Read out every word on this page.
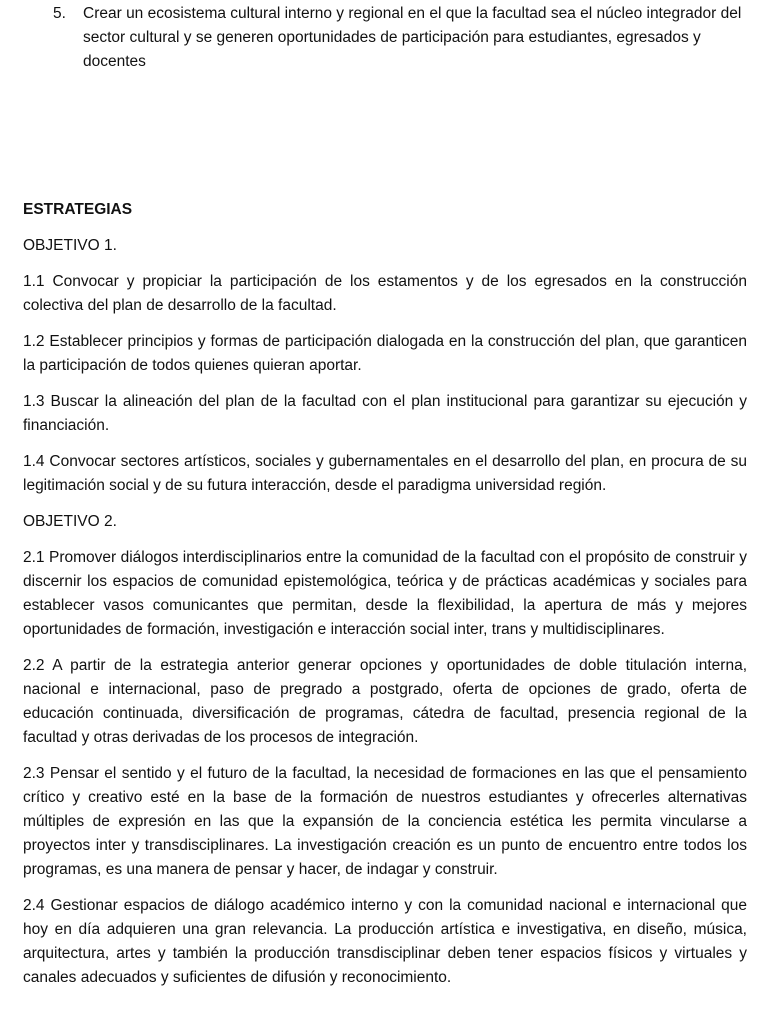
5. Crear un ecosistema cultural interno y regional en el que la facultad sea el núcleo integrador del sector cultural y se generen oportunidades de participación para estudiantes, egresados y docentes

ESTRATEGIAS

OBJETIVO 1.

1.1 Convocar y propiciar la participación de los estamentos y de los egresados en la construcción colectiva del plan de desarrollo de la facultad.

1.2 Establecer principios y formas de participación dialogada en la construcción del plan, que garanticen la participación de todos quienes quieran aportar.

1.3 Buscar la alineación del plan de la facultad con el plan institucional para garantizar su ejecución y financiación.

1.4 Convocar sectores artísticos, sociales y gubernamentales en el desarrollo del plan, en procura de su legitimación social y de su futura interacción, desde el paradigma universidad región.

OBJETIVO 2.

2.1 Promover diálogos interdisciplinarios entre la comunidad de la facultad con el propósito de construir y discernir los espacios de comunidad epistemológica, teórica y de prácticas académicas y sociales para establecer vasos comunicantes que permitan, desde la flexibilidad, la apertura de más y mejores oportunidades de formación, investigación e interacción social inter, trans y multidisciplinares.

2.2 A partir de la estrategia anterior generar opciones y oportunidades de doble titulación interna, nacional e internacional, paso de pregrado a postgrado, oferta de opciones de grado, oferta de educación continuada, diversificación de programas, cátedra de facultad, presencia regional de la facultad y otras derivadas de los procesos de integración.

2.3 Pensar el sentido y el futuro de la facultad, la necesidad de formaciones en las que el pensamiento crítico y creativo esté en la base de la formación de nuestros estudiantes y ofrecerles alternativas múltiples de expresión en las que la expansión de la conciencia estética les permita vincularse a proyectos inter y transdisciplinares. La investigación creación es un punto de encuentro entre todos los programas, es una manera de pensar y hacer, de indagar y construir.

2.4 Gestionar espacios de diálogo académico interno y con la comunidad nacional e internacional que hoy en día adquieren una gran relevancia. La producción artística e investigativa, en diseño, música, arquitectura, artes y también la producción transdisciplinar deben tener espacios físicos y virtuales y canales adecuados y suficientes de difusión y reconocimiento.
